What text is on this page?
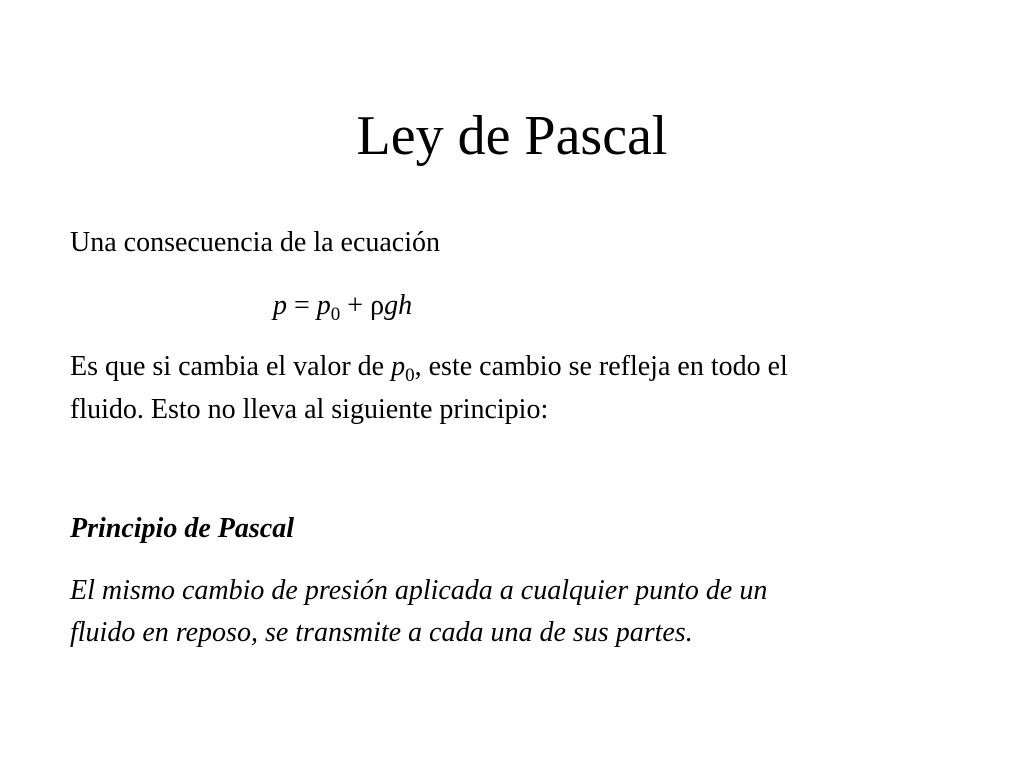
Ley de Pascal
Una consecuencia de la ecuación
$p = p_0 + \rho gh$
Es que si cambia el valor de $p_0$, este cambio se refleja en todo el
fluido. Esto no lleva al siguiente principio:
Principio de Pascal
El mismo cambio de presión aplicada a cualquier punto de un
fluido en reposo, se transmite a cada una de sus partes.
